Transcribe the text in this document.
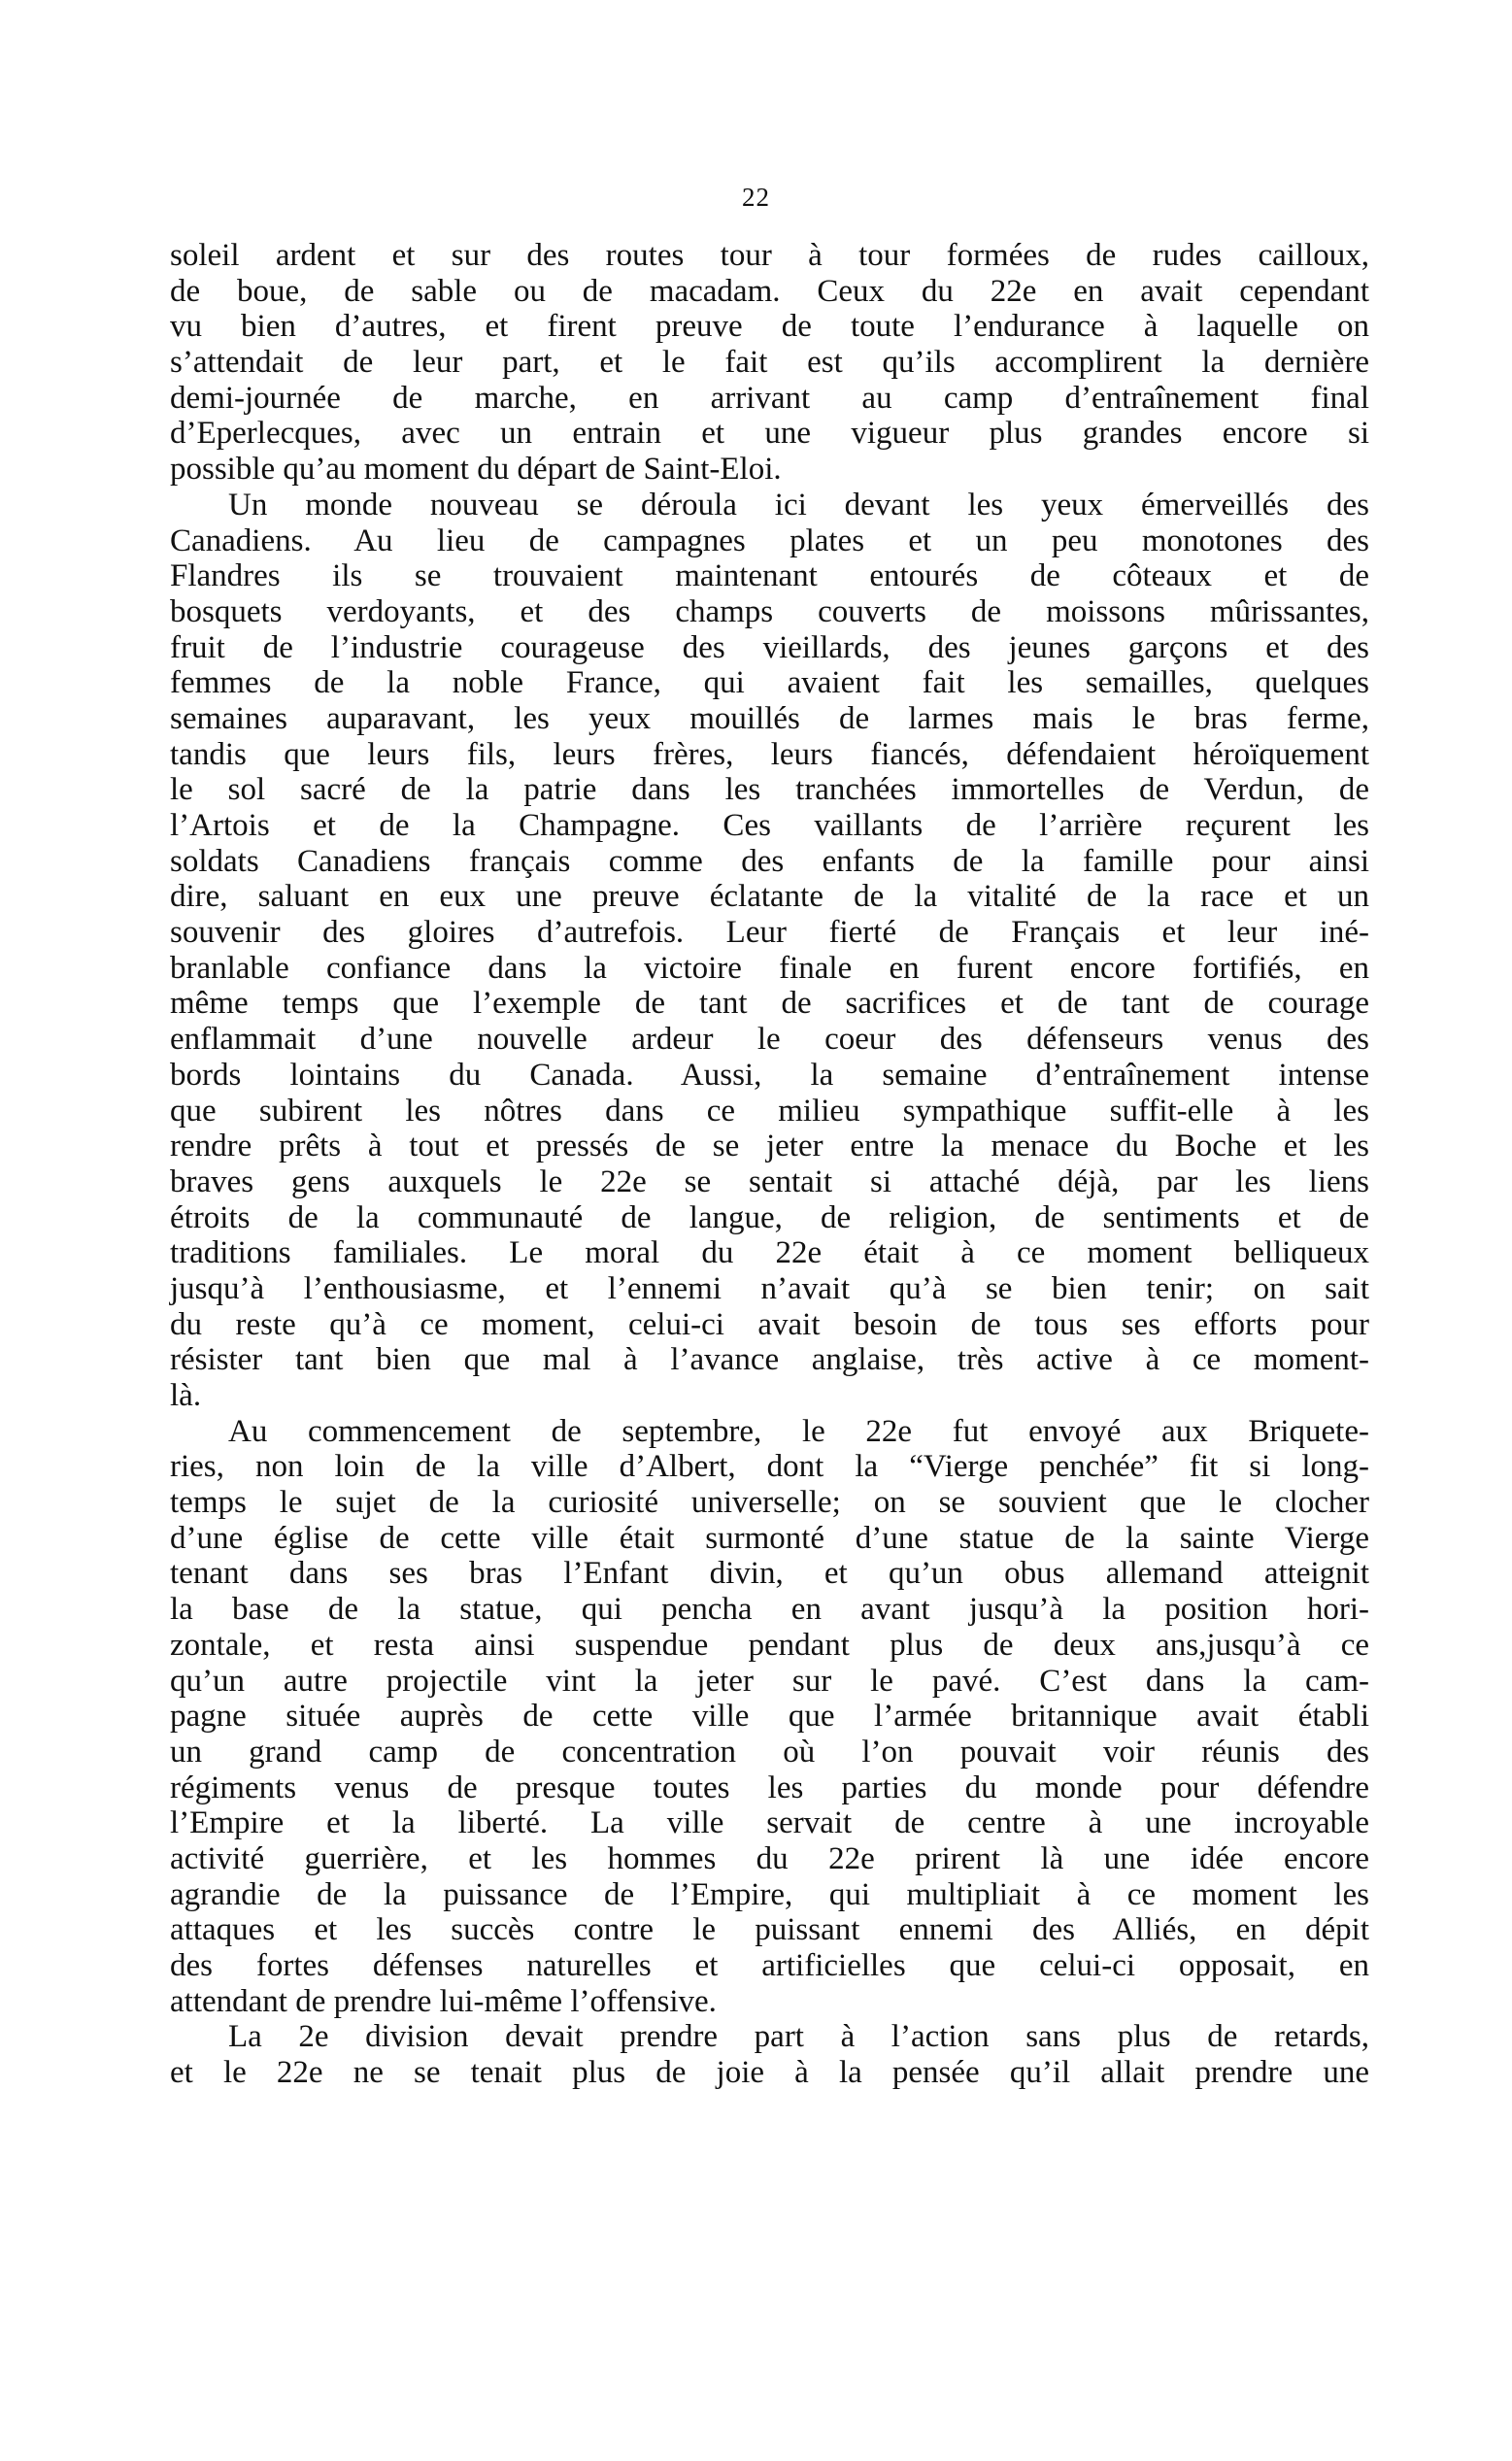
22
soleil ardent et sur des routes tour à tour formées de rudes cailloux,
de boue, de sable ou de macadam. Ceux du 22e en avait cependant
vu bien d’autres, et firent preuve de toute l’endurance à laquelle on
s’attendait de leur part, et le fait est qu’ils accomplirent la dernière
demi-journée de marche, en arrivant au camp d’entraînement final
d’Eperlecques, avec un entrain et une vigueur plus grandes encore si
possible qu’au moment du départ de Saint-Eloi.
Un monde nouveau se déroula ici devant les yeux émerveillés des
Canadiens. Au lieu de campagnes plates et un peu monotones des
Flandres ils se trouvaient maintenant entourés de côteaux et de
bosquets verdoyants, et des champs couverts de moissons mûrissantes,
fruit de l’industrie courageuse des vieillards, des jeunes garçons et des
femmes de la noble France, qui avaient fait les semailles, quelques
semaines auparavant, les yeux mouillés de larmes mais le bras ferme,
tandis que leurs fils, leurs frères, leurs fiancés, défendaient héroïquement
le sol sacré de la patrie dans les tranchées immortelles de Verdun, de
l’Artois et de la Champagne. Ces vaillants de l’arrière reçurent les
soldats Canadiens français comme des enfants de la famille pour ainsi
dire, saluant en eux une preuve éclatante de la vitalité de la race et un
souvenir des gloires d’autrefois. Leur fierté de Français et leur iné-
branlable confiance dans la victoire finale en furent encore fortifiés, en
même temps que l’exemple de tant de sacrifices et de tant de courage
enflammait d’une nouvelle ardeur le coeur des défenseurs venus des
bords lointains du Canada. Aussi, la semaine d’entraînement intense
que subirent les nôtres dans ce milieu sympathique suffit-elle à les
rendre prêts à tout et pressés de se jeter entre la menace du Boche et les
braves gens auxquels le 22e se sentait si attaché déjà, par les liens
étroits de la communauté de langue, de religion, de sentiments et de
traditions familiales. Le moral du 22e était à ce moment belliqueux
jusqu’à l’enthousiasme, et l’ennemi n’avait qu’à se bien tenir; on sait
du reste qu’à ce moment, celui-ci avait besoin de tous ses efforts pour
résister tant bien que mal à l’avance anglaise, très active à ce moment-
là.
Au commencement de septembre, le 22e fut envoyé aux Briquete-
ries, non loin de la ville d’Albert, dont la “Vierge penchée” fit si long-
temps le sujet de la curiosité universelle; on se souvient que le clocher
d’une église de cette ville était surmonté d’une statue de la sainte Vierge
tenant dans ses bras l’Enfant divin, et qu’un obus allemand atteignit
la base de la statue, qui pencha en avant jusqu’à la position hori-
zontale, et resta ainsi suspendue pendant plus de deux ans,jusqu’à ce
qu’un autre projectile vint la jeter sur le pavé. C’est dans la cam-
pagne située auprès de cette ville que l’armée britannique avait établi
un grand camp de concentration où l’on pouvait voir réunis des
régiments venus de presque toutes les parties du monde pour défendre
l’Empire et la liberté. La ville servait de centre à une incroyable
activité guerrière, et les hommes du 22e prirent là une idée encore
agrandie de la puissance de l’Empire, qui multipliait à ce moment les
attaques et les succès contre le puissant ennemi des Alliés, en dépit
des fortes défenses naturelles et artificielles que celui-ci opposait, en
attendant de prendre lui-même l’offensive.
La 2e division devait prendre part à l’action sans plus de retards,
et le 22e ne se tenait plus de joie à la pensée qu’il allait prendre une
